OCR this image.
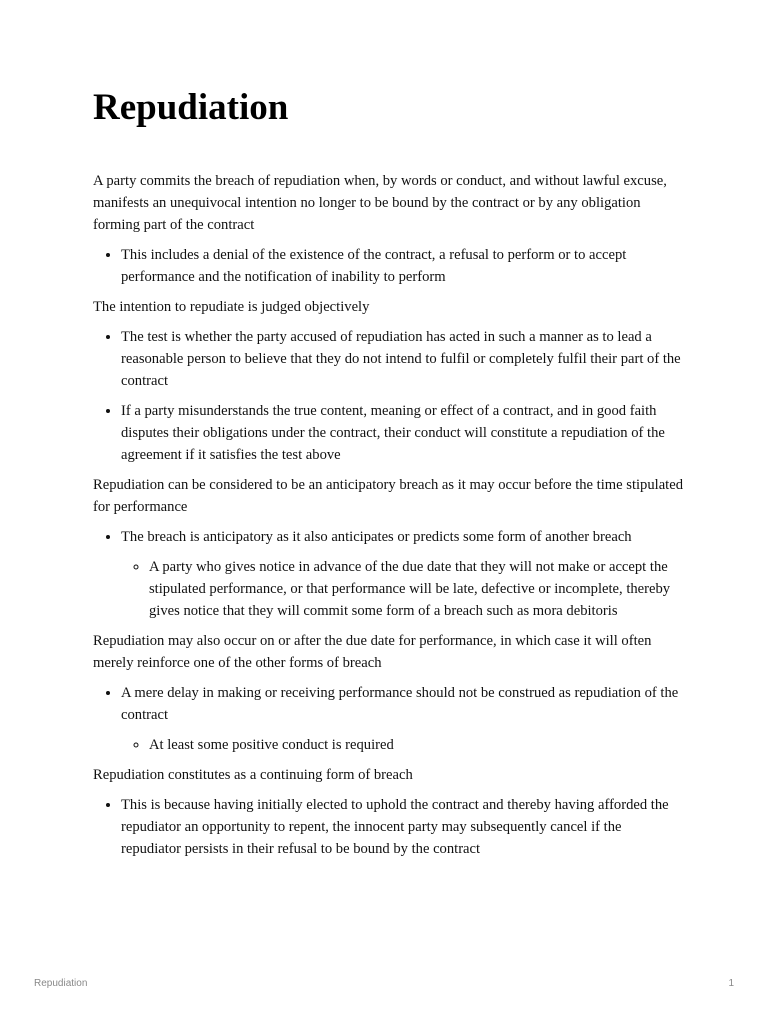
Repudiation

A party commits the breach of repudiation when, by words or conduct, and without lawful excuse, manifests an unequivocal intention no longer to be bound by the contract or by any obligation forming part of the contract

• This includes a denial of the existence of the contract, a refusal to perform or to accept performance and the notification of inability to perform

The intention to repudiate is judged objectively

• The test is whether the party accused of repudiation has acted in such a manner as to lead a reasonable person to believe that they do not intend to fulfil or completely fulfil their part of the contract
• If a party misunderstands the true content, meaning or effect of a contract, and in good faith disputes their obligations under the contract, their conduct will constitute a repudiation of the agreement if it satisfies the test above

Repudiation can be considered to be an anticipatory breach as it may occur before the time stipulated for performance

• The breach is anticipatory as it also anticipates or predicts some form of another breach
◦ A party who gives notice in advance of the due date that they will not make or accept the stipulated performance, or that performance will be late, defective or incomplete, thereby gives notice that they will commit some form of a breach such as mora debitoris

Repudiation may also occur on or after the due date for performance, in which case it will often merely reinforce one of the other forms of breach

• A mere delay in making or receiving performance should not be construed as repudiation of the contract
◦ At least some positive conduct is required

Repudiation constitutes as a continuing form of breach

• This is because having initially elected to uphold the contract and thereby having afforded the repudiator an opportunity to repent, the innocent party may subsequently cancel if the repudiator persists in their refusal to be bound by the contract
Repudiation	1
